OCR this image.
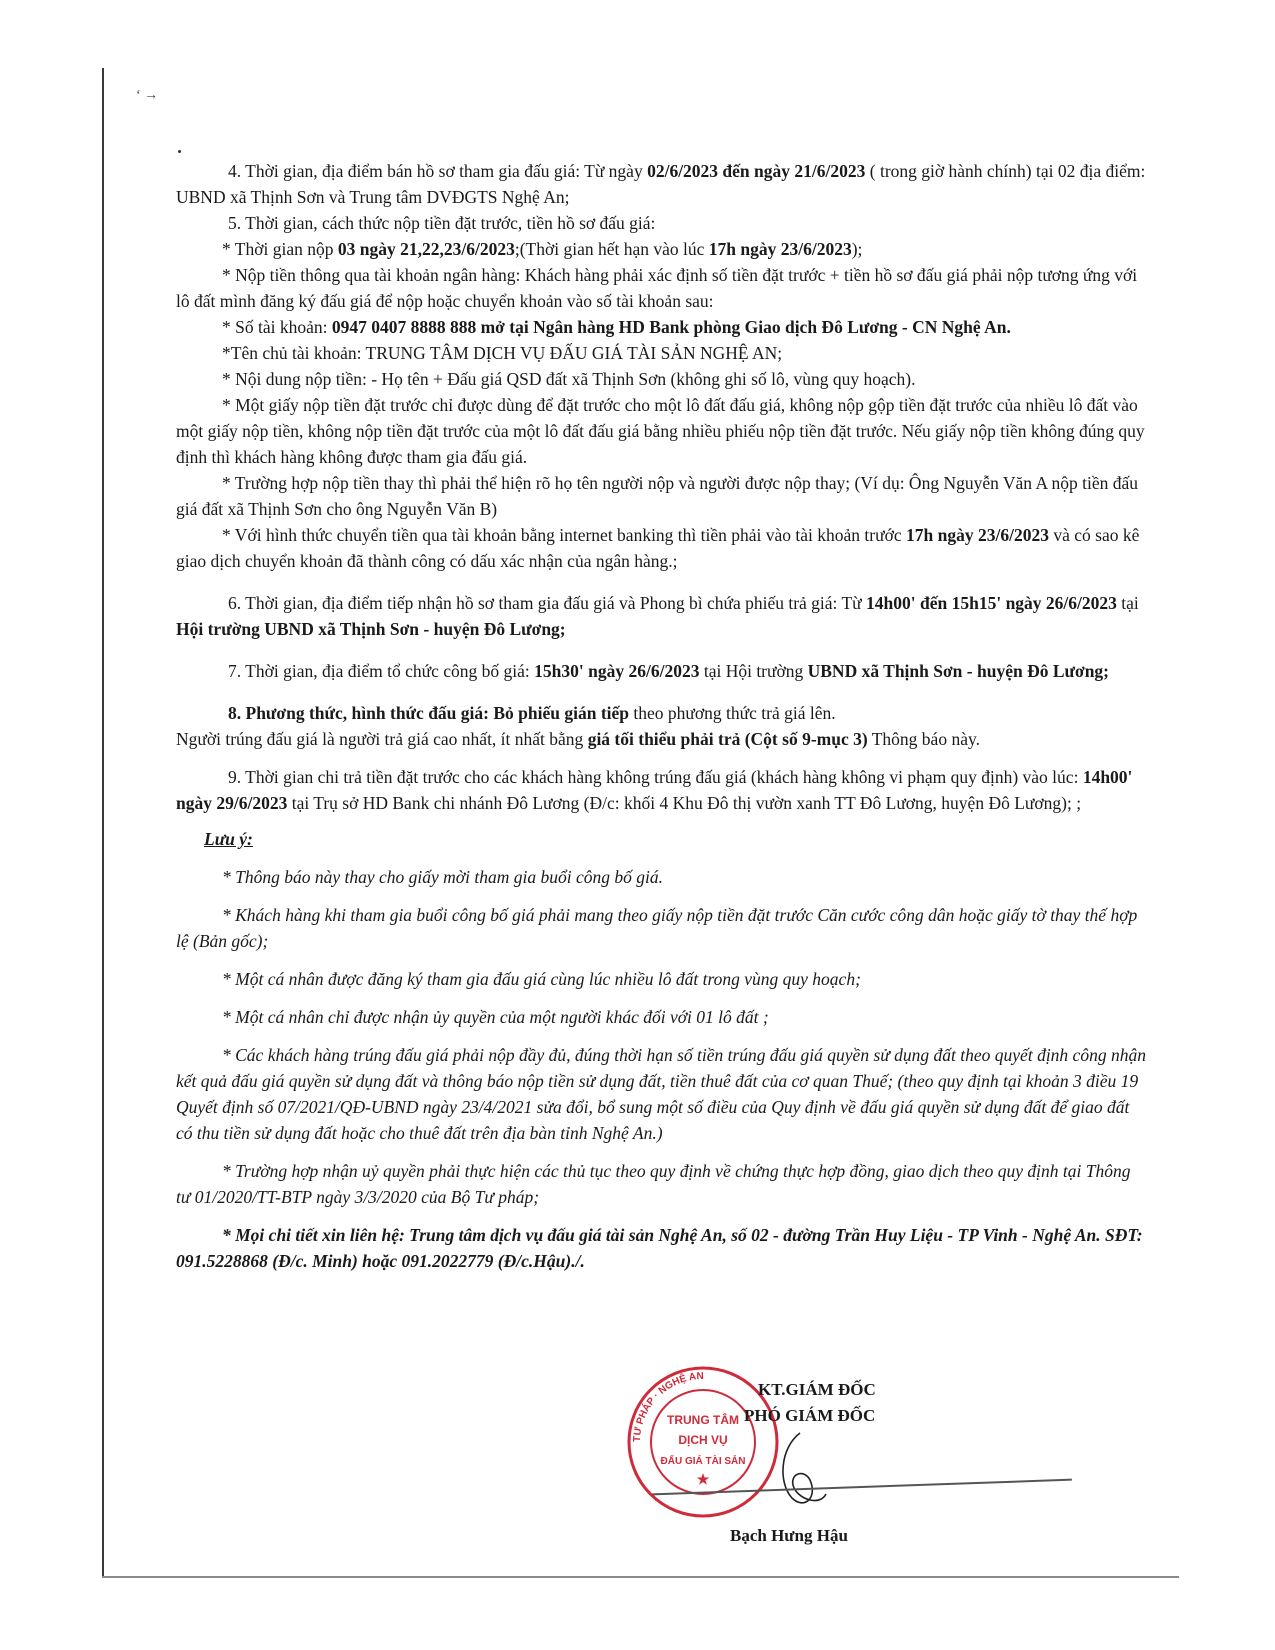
‘ →

4. Thời gian, địa điểm bán hồ sơ tham gia đấu giá: Từ ngày 02/6/2023 đến ngày 21/6/2023 ( trong giờ hành chính) tại 02 địa điểm: UBND xã Thịnh Sơn và Trung tâm DVĐGTS Nghệ An;

5. Thời gian, cách thức nộp tiền đặt trước, tiền hồ sơ đấu giá:

* Thời gian nộp 03 ngày 21,22,23/6/2023;(Thời gian hết hạn vào lúc 17h ngày 23/6/2023);

* Nộp tiền thông qua tài khoản ngân hàng: Khách hàng phải xác định số tiền đặt trước + tiền hồ sơ đấu giá phải nộp tương ứng với lô đất mình đăng ký đấu giá để nộp hoặc chuyển khoản vào số tài khoản sau:

* Số tài khoản: 0947 0407 8888 888 mở tại Ngân hàng HD Bank phòng Giao dịch Đô Lương - CN Nghệ An.

*Tên chủ tài khoản: TRUNG TÂM DỊCH VỤ ĐẤU GIÁ TÀI SẢN NGHỆ AN;

* Nội dung nộp tiền: - Họ tên + Đấu giá QSD đất xã Thịnh Sơn (không ghi số lô, vùng quy hoạch).

* Một giấy nộp tiền đặt trước chỉ được dùng để đặt trước cho một lô đất đấu giá, không nộp gộp tiền đặt trước của nhiều lô đất vào một giấy nộp tiền, không nộp tiền đặt trước của một lô đất đấu giá bằng nhiều phiếu nộp tiền đặt trước. Nếu giấy nộp tiền không đúng quy định thì khách hàng không được tham gia đấu giá.

* Trường hợp nộp tiền thay thì phải thể hiện rõ họ tên người nộp và người được nộp thay; (Ví dụ: Ông Nguyễn Văn A nộp tiền đấu giá đất xã Thịnh Sơn cho ông Nguyễn Văn B)

* Với hình thức chuyển tiền qua tài khoản bằng internet banking thì tiền phải vào tài khoản trước 17h ngày 23/6/2023 và có sao kê giao dịch chuyển khoản đã thành công có dấu xác nhận của ngân hàng.;

6. Thời gian, địa điểm tiếp nhận hồ sơ tham gia đấu giá và Phong bì chứa phiếu trả giá: Từ 14h00' đến 15h15' ngày 26/6/2023 tại Hội trường UBND xã Thịnh Sơn - huyện Đô Lương;

7. Thời gian, địa điểm tổ chức công bố giá: 15h30' ngày 26/6/2023 tại Hội trường UBND xã Thịnh Sơn - huyện Đô Lương;

8. Phương thức, hình thức đấu giá: Bỏ phiếu gián tiếp theo phương thức trả giá lên.

Người trúng đấu giá là người trả giá cao nhất, ít nhất bằng giá tối thiểu phải trả (Cột số 9-mục 3) Thông báo này.

9. Thời gian chi trả tiền đặt trước cho các khách hàng không trúng đấu giá (khách hàng không vi phạm quy định) vào lúc: 14h00' ngày 29/6/2023 tại Trụ sở HD Bank chi nhánh Đô Lương (Đ/c: khối 4 Khu Đô thị vườn xanh TT Đô Lương, huyện Đô Lương); ;

Lưu ý:

* Thông báo này thay cho giấy mời tham gia buổi công bố giá.

* Khách hàng khi tham gia buổi công bố giá phải mang theo giấy nộp tiền đặt trước Căn cước công dân hoặc giấy tờ thay thế hợp lệ (Bản gốc);

* Một cá nhân được đăng ký tham gia đấu giá cùng lúc nhiều lô đất trong vùng quy hoạch;

* Một cá nhân chỉ được nhận ủy quyền của một người khác đối với 01 lô đất ;

* Các khách hàng trúng đấu giá phải nộp đầy đủ, đúng thời hạn số tiền trúng đấu giá quyền sử dụng đất theo quyết định công nhận kết quả đấu giá quyền sử dụng đất và thông báo nộp tiền sử dụng đất, tiền thuê đất của cơ quan Thuế; (theo quy định tại khoản 3 điều 19 Quyết định số 07/2021/QĐ-UBND ngày 23/4/2021 sửa đổi, bổ sung một số điều của Quy định về đấu giá quyền sử dụng đất để giao đất có thu tiền sử dụng đất hoặc cho thuê đất trên địa bàn tỉnh Nghệ An.)

* Trường hợp nhận uỷ quyền phải thực hiện các thủ tục theo quy định về chứng thực hợp đồng, giao dịch theo quy định tại Thông tư 01/2020/TT-BTP ngày 3/3/2020 của Bộ Tư pháp;

* Mọi chi tiết xin liên hệ: Trung tâm dịch vụ đấu giá tài sản Nghệ An, số 02 - đường Trần Huy Liệu - TP Vinh - Nghệ An. SĐT: 091.5228868 (Đ/c. Minh) hoặc 091.2022779 (Đ/c.Hậu)./.

TƯ PHÁP · NGHỆ AN
TRUNG TÂM
DỊCH VỤ
ĐẤU GIÁ TÀI SẢN
★
KT.GIÁM ĐỐC
PHÓ GIÁM ĐỐC
Bạch Hưng Hậu
